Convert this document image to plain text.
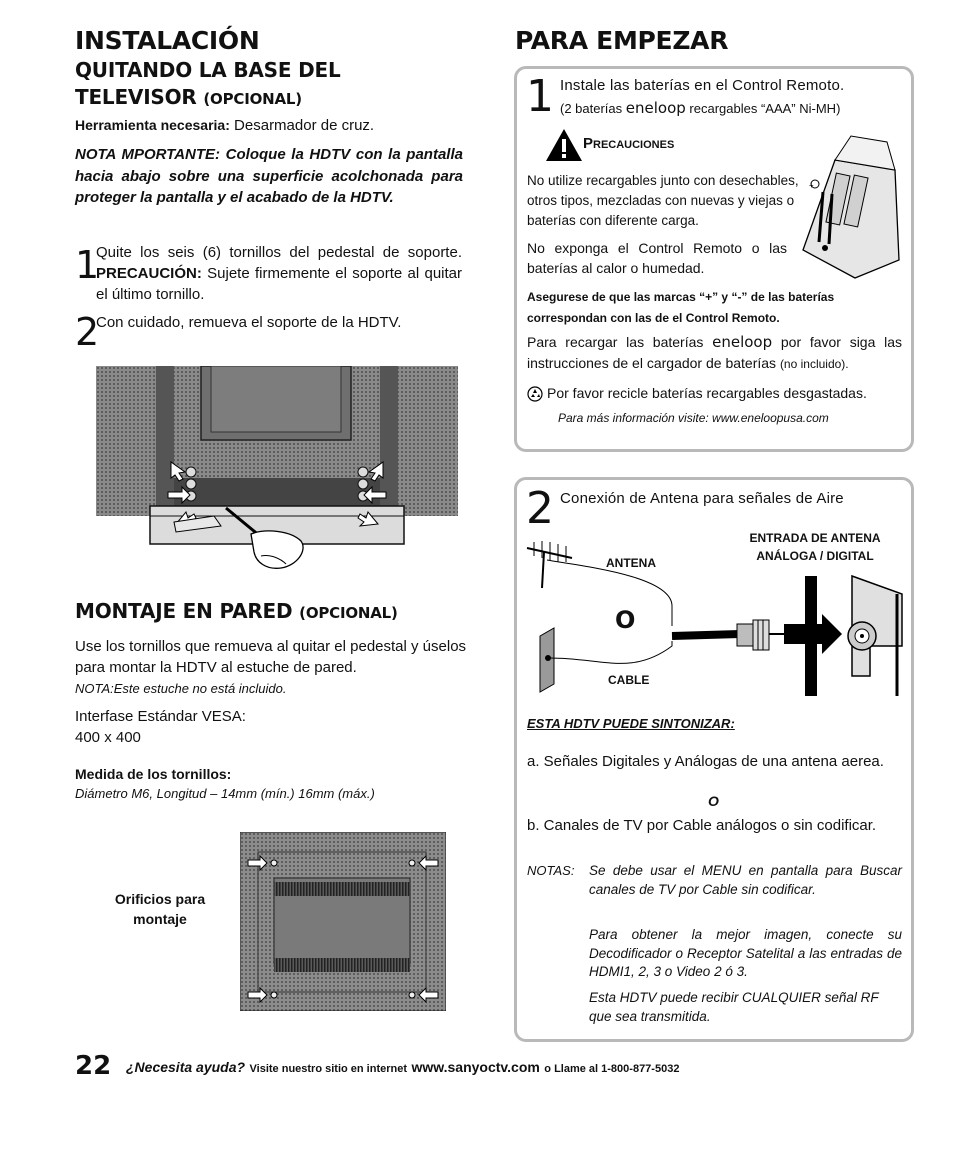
INSTALACIÓN
QUITANDO LA BASE DEL
TELEVISOR (OPCIONAL)
Herramienta necesaria: Desarmador de cruz.
NOTA MPORTANTE: Coloque la HDTV con la pantalla hacia abajo sobre una superficie acolchonada para proteger la pantalla y el acabado de la HDTV.
1
Quite los seis (6) tornillos del pedestal de soporte. PRECAUCIÓN: Sujete firmemente el soporte al quitar el último tornillo.
2
Con cuidado, remueva el soporte de la HDTV.
MONTAJE EN PARED (OPCIONAL)
Use los tornillos que remueva al quitar el pedestal y úselos para montar la HDTV al estuche de pared.
NOTA:Este estuche no está incluido.
Interfase Estándar VESA:
400 x 400
Medida de los tornillos:
Diámetro M6, Longitud – 14mm (mín.) 16mm (máx.)
Orificios para
montaje
PARA EMPEZAR
1 Instale las baterías en el Control Remoto.
(2 baterías eneloop recargables “AAA” Ni-MH)
Precauciones
No utilize recargables junto con desechables, otros tipos, mezcladas con nuevas y viejas o baterías con diferente carga.
No exponga el Control Remoto o las baterías al calor o humedad.
+
Asegurese de que las marcas “+” y “-” de las baterías correspondan con las de el Control Remoto.
Para recargar las baterías eneloop por favor siga las instrucciones de el cargador de baterías (no incluido).
Por favor recicle baterías recargables desgastadas.
Para más información visite: www.eneloopusa.com
2 Conexión de Antena para señales de Aire
ENTRADA DE ANTENA
ANÁLOGA / DIGITAL
ANTENA
CABLE
O
ESTA HDTV PUEDE SINTONIZAR:
a. Señales Digitales y Análogas de una antena aerea.
O
b. Canales de TV por Cable análogos o sin codificar.
NOTAS: Se debe usar el MENU en pantalla para Buscar canales de TV por Cable sin codificar.
Para obtener la mejor imagen, conecte su Decodificador o Receptor Satelital a las entradas de HDMI1, 2, 3 o Video 2 ó 3.
Esta HDTV puede recibir CUALQUIER señal RF que sea transmitida.
22 ¿Necesita ayuda? Visite nuestro sitio en internet www.sanyoctv.com o Llame al 1-800-877-5032
